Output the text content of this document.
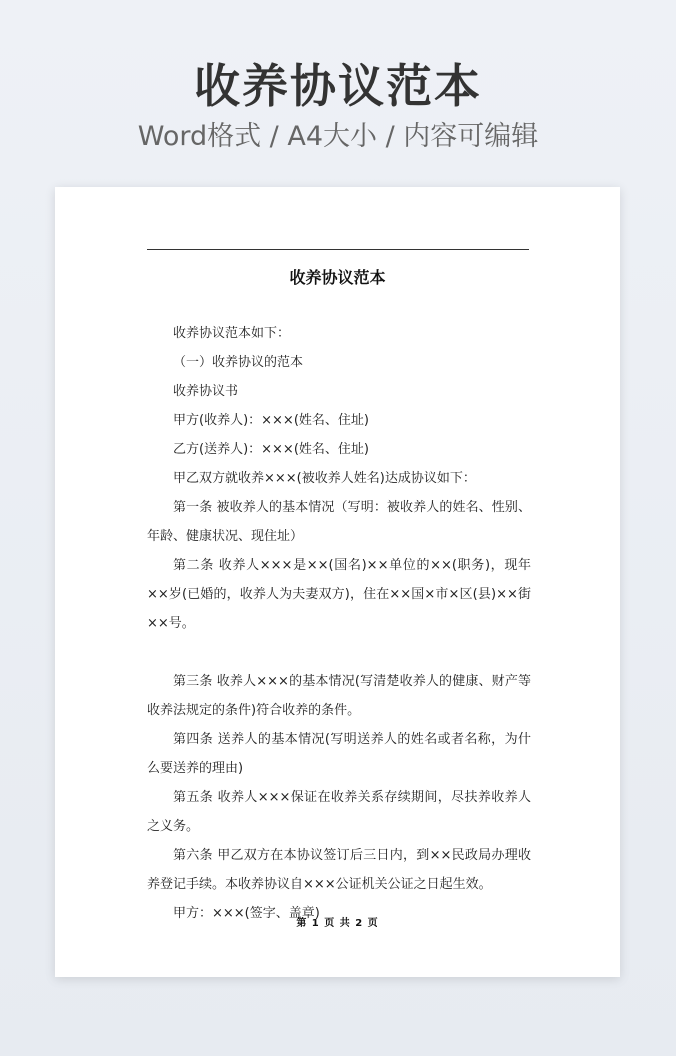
收养协议范本
Word格式 / A4大小 / 内容可编辑
收养协议范本

收养协议范本如下：

（一）收养协议的范本

收养协议书

甲方(收养人)：×××(姓名、住址)

乙方(送养人)：×××(姓名、住址)

甲乙双方就收养×××(被收养人姓名)达成协议如下：

第一条 被收养人的基本情况（写明：被收养人的姓名、性别、年龄、健康状况、现住址）

第二条 收养人×××是××(国名)××单位的××(职务)，现年××岁(已婚的，收养人为夫妻双方)，住在××国×市×区(县)××街××号。

第三条 收养人×××的基本情况(写清楚收养人的健康、财产等收养法规定的条件)符合收养的条件。

第四条 送养人的基本情况(写明送养人的姓名或者名称，为什么要送养的理由)

第五条 收养人×××保证在收养关系存续期间，尽扶养收养人之义务。

第六条 甲乙双方在本协议签订后三日内，到××民政局办理收养登记手续。本收养协议自×××公证机关公证之日起生效。

甲方：×××(签字、盖章)

第 1 页 共 2 页
